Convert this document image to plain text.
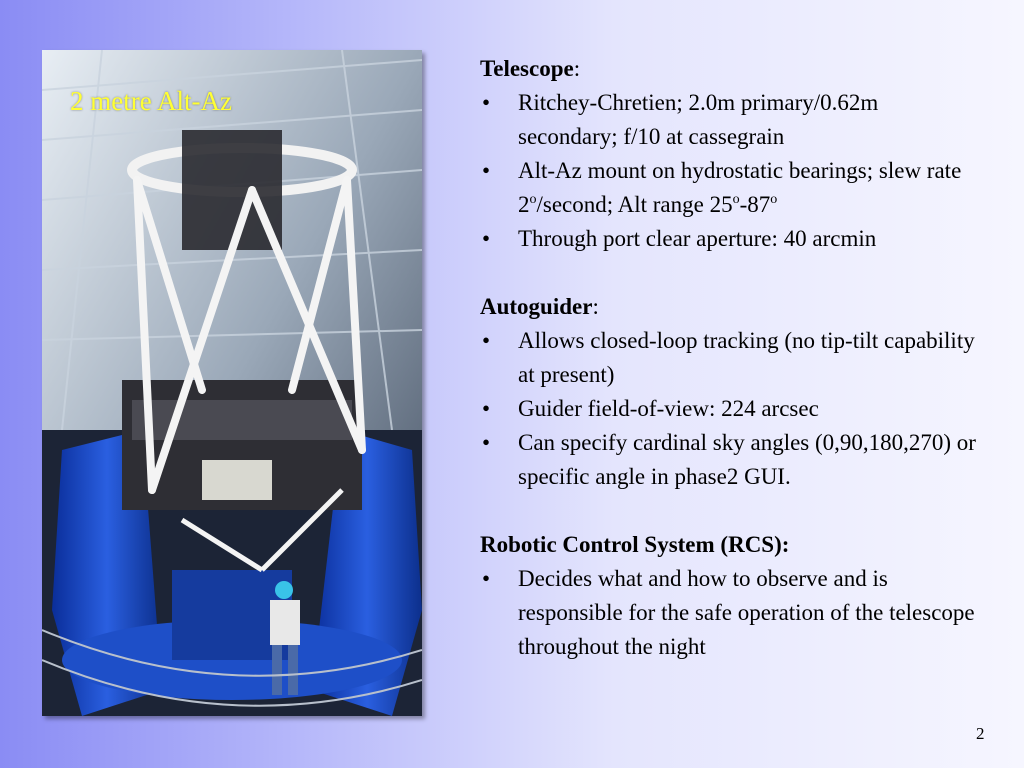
2 metre Alt-Az
Telescope:
• Ritchey-Chretien; 2.0m primary/0.62m secondary; f/10 at cassegrain
• Alt-Az mount on hydrostatic bearings; slew rate 2$^o$/second; Alt range 25$^o$-87$^o$
• Through port clear aperture: 40 arcmin
Autoguider:
• Allows closed-loop tracking (no tip-tilt capability at present)
• Guider field-of-view: 224 arcsec
• Can specify cardinal sky angles (0,90,180,270) or specific angle in phase2 GUI.
Robotic Control System (RCS):
• Decides what and how to observe and is responsible for the safe operation of the telescope throughout the night
2
